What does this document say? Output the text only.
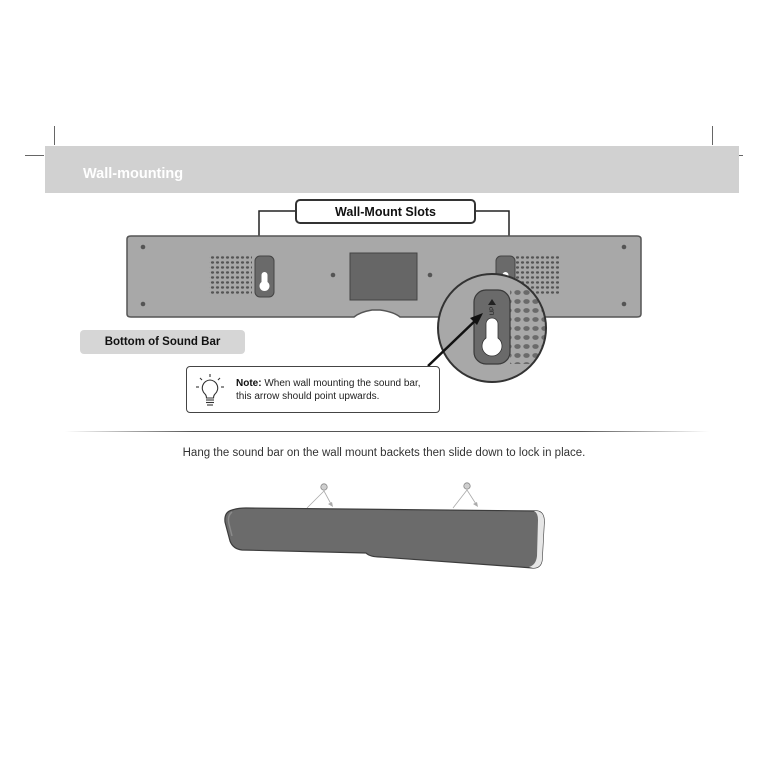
Wall-mounting
UP
Wall-Mount Slots
Bottom of Sound Bar
Note: When wall mounting the sound bar,
this arrow should point upwards.
Hang the sound bar on the wall mount backets then slide down to lock in place.
